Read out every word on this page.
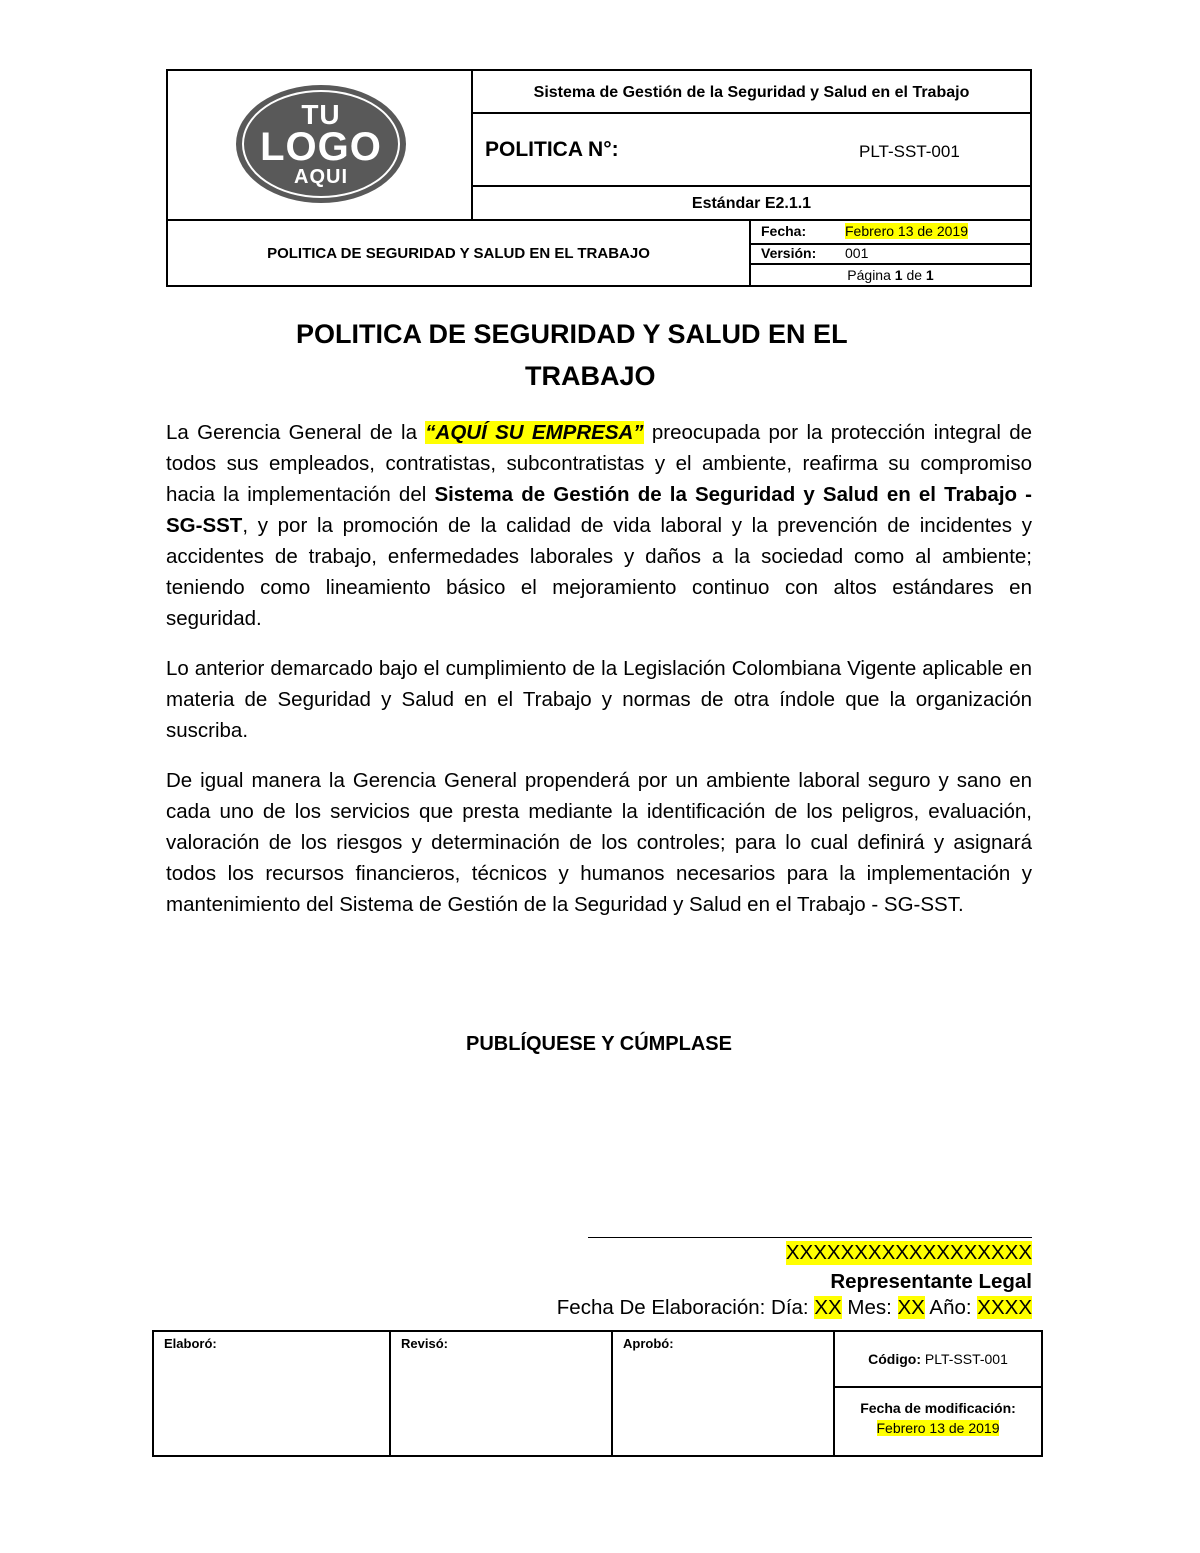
TU
LOGO
AQUI
Sistema de Gestión de la Seguridad y Salud en el Trabajo
POLITICA N°:	PLT-SST-001
Estándar E2.1.1
POLITICA DE SEGURIDAD Y SALUD EN EL TRABAJO
Fecha:	Febrero 13 de 2019
Versión: 001
Página 1 de 1
POLITICA DE SEGURIDAD Y SALUD EN EL
TRABAJO
La Gerencia General de la “AQUÍ SU EMPRESA” preocupada por la protección integral de todos sus empleados, contratistas, subcontratistas y el ambiente, reafirma su compromiso hacia la implementación del Sistema de Gestión de la Seguridad y Salud en el Trabajo - SG-SST, y por la promoción de la calidad de vida laboral y la prevención de incidentes y accidentes de trabajo, enfermedades laborales y daños a la sociedad como al ambiente; teniendo como lineamiento básico el mejoramiento continuo con altos estándares en seguridad.
Lo anterior demarcado bajo el cumplimiento de la Legislación Colombiana Vigente aplicable en materia de Seguridad y Salud en el Trabajo y normas de otra índole que la organización suscriba.
De igual manera la Gerencia General propenderá por un ambiente laboral seguro y sano en cada uno de los servicios que presta mediante la identificación de los peligros, evaluación, valoración de los riesgos y determinación de los controles; para lo cual definirá y asignará todos los recursos financieros, técnicos y humanos necesarios para la implementación y mantenimiento del Sistema de Gestión de la Seguridad y Salud en el Trabajo - SG-SST.
PUBLÍQUESE Y CÚMPLASE
XXXXXXXXXXXXXXXXXX
Representante Legal
Fecha De Elaboración: Día: XX Mes: XX Año: XXXX
Elaboró:	Revisó:	Aprobó:
Código: PLT-SST-001
Fecha de modificación:
Febrero 13 de 2019
